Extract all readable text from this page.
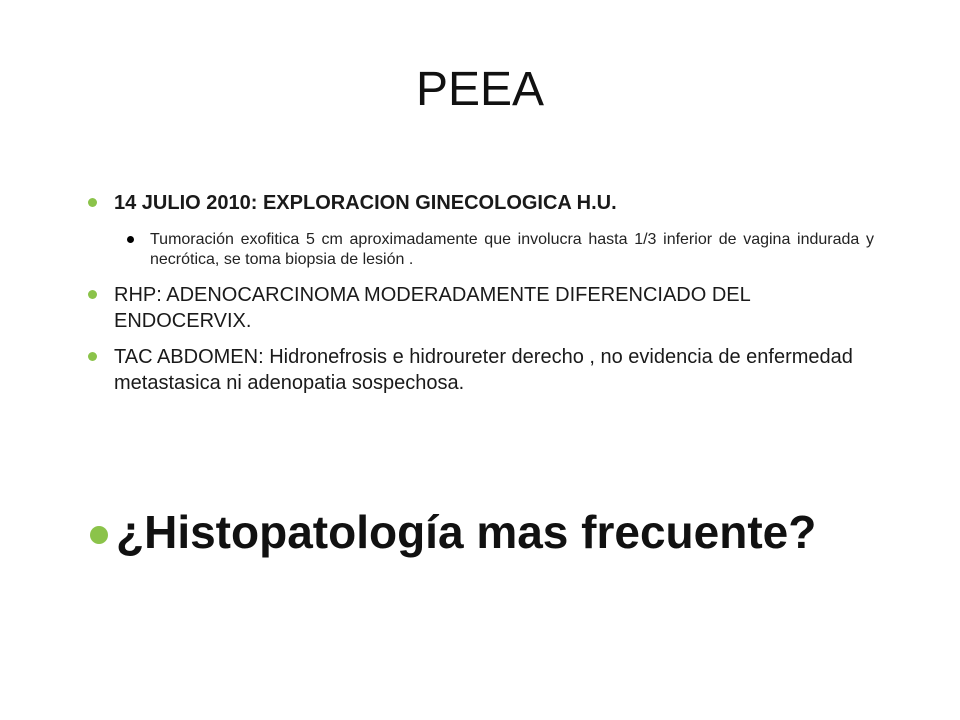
PEEA
14 JULIO 2010: EXPLORACION GINECOLOGICA H.U.
Tumoración exofitica 5 cm aproximadamente que involucra hasta 1/3 inferior de vagina indurada y necrótica, se toma biopsia de lesión .
RHP: ADENOCARCINOMA MODERADAMENTE DIFERENCIADO DEL ENDOCERVIX.
TAC ABDOMEN: Hidronefrosis e hidroureter derecho , no evidencia de enfermedad metastasica ni adenopatia sospechosa.
¿Histopatología mas frecuente?
